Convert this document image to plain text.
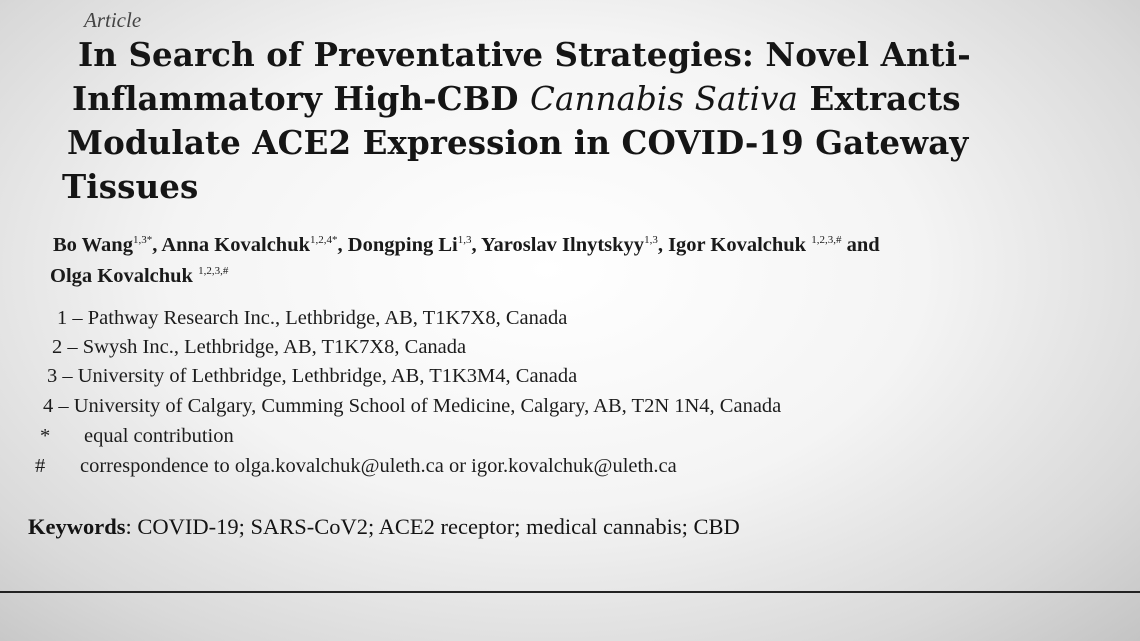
Article
In Search of Preventative Strategies: Novel Anti-
Inflammatory High-CBD Cannabis Sativa Extracts
Modulate ACE2 Expression in COVID-19 Gateway
Tissues
Bo Wang$^{1,3*}$, Anna Kovalchuk$^{1,2,4*}$, Dongping Li$^{1,3}$, Yaroslav Ilnytskyy$^{1,3}$, Igor Kovalchuk $^{1,2,3,\#}$ and
Olga Kovalchuk $^{1,2,3,\#}$
1 – Pathway Research Inc., Lethbridge, AB, T1K7X8, Canada
2 – Swysh Inc., Lethbridge, AB, T1K7X8, Canada
3 – University of Lethbridge, Lethbridge, AB, T1K3M4, Canada
4 – University of Calgary, Cumming School of Medicine, Calgary, AB, T2N 1N4, Canada
* equal contribution
# correspondence to olga.kovalchuk@uleth.ca or igor.kovalchuk@uleth.ca
Keywords: COVID-19; SARS-CoV2; ACE2 receptor; medical cannabis; CBD
